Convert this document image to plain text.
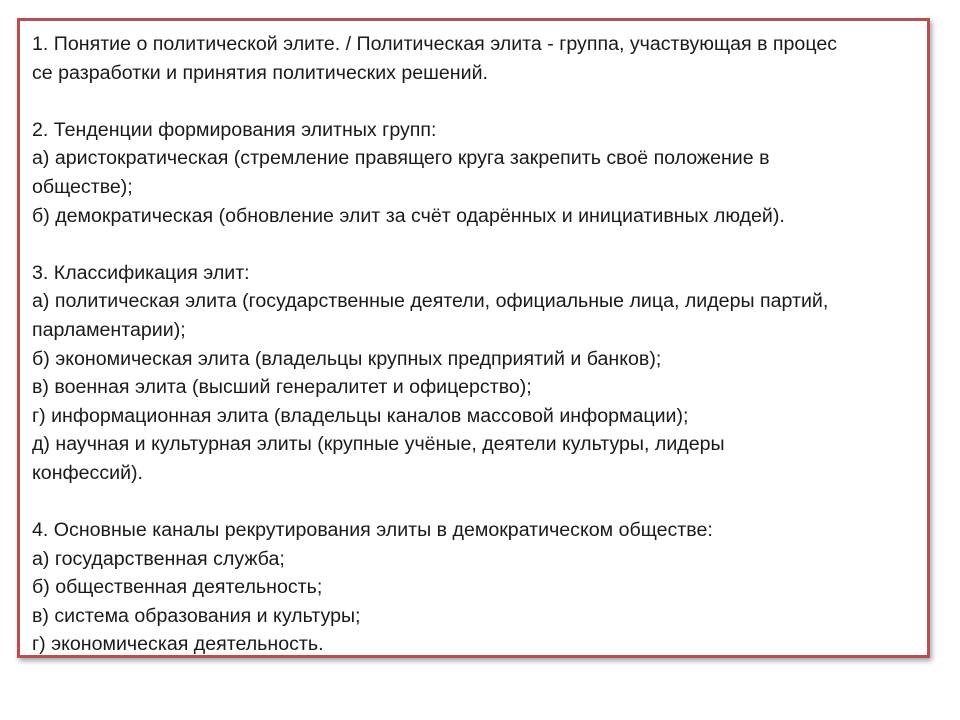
1. Понятие о политической элите. / Политическая элита - группа, участвующая в процес
се разработки и принятия политических решений.
2. Тенденции формирования элитных групп:
а) аристократическая (стремление правящего круга закрепить своё положение в
обществе);
б) демократическая (обновление элит за счёт одарённых и инициативных людей).
3. Классификация элит:
а) политическая элита (государственные деятели, официальные лица, лидеры партий,
парламентарии);
б) экономическая элита (владельцы крупных предприятий и банков);
в) военная элита (высший генералитет и офицерство);
г) информационная элита (владельцы каналов массовой информации);
д) научная и культурная элиты (крупные учёные, деятели культуры, лидеры
конфессий).
4. Основные каналы рекрутирования элиты в демократическом обществе:
а) государственная служба;
б) общественная деятельность;
в) система образования и культуры;
г) экономическая деятельность.
